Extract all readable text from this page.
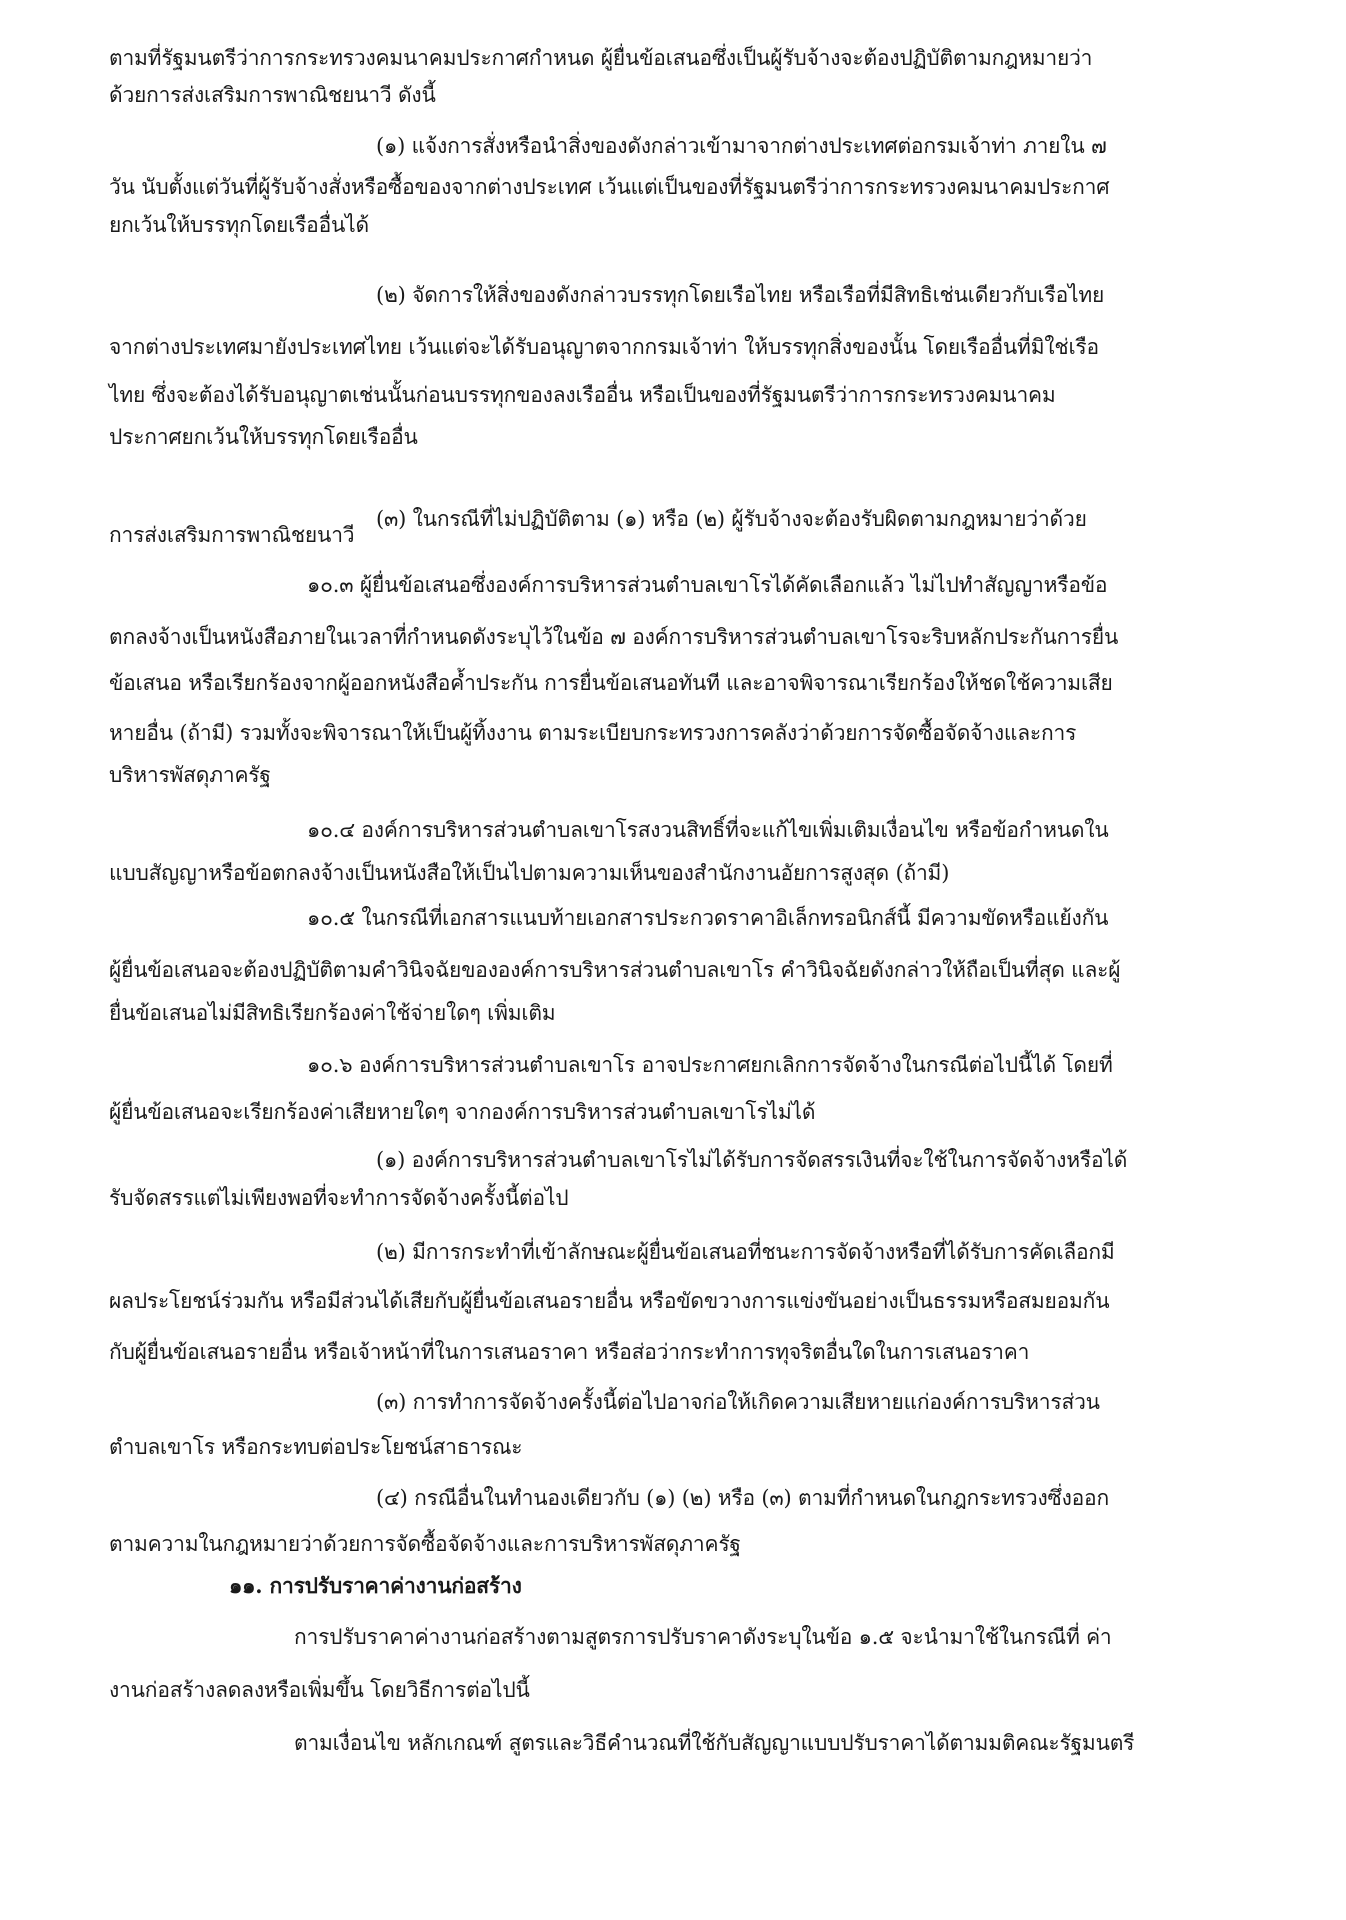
ตามที่รัฐมนตรีว่าการกระทรวงคมนาคมประกาศกำหนด ผู้ยื่นข้อเสนอซึ่งเป็นผู้รับจ้างจะต้องปฏิบัติตามกฎหมายว่า
ด้วยการส่งเสริมการพาณิชยนาวี ดังนี้
(๑) แจ้งการสั่งหรือนำสิ่งของดังกล่าวเข้ามาจากต่างประเทศต่อกรมเจ้าท่า ภายใน ๗
วัน นับตั้งแต่วันที่ผู้รับจ้างสั่งหรือซื้อของจากต่างประเทศ เว้นแต่เป็นของที่รัฐมนตรีว่าการกระทรวงคมนาคมประกาศ
ยกเว้นให้บรรทุกโดยเรืออื่นได้
(๒) จัดการให้สิ่งของดังกล่าวบรรทุกโดยเรือไทย หรือเรือที่มีสิทธิเช่นเดียวกับเรือไทย
จากต่างประเทศมายังประเทศไทย เว้นแต่จะได้รับอนุญาตจากกรมเจ้าท่า ให้บรรทุกสิ่งของนั้น โดยเรืออื่นที่มิใช่เรือ
ไทย ซึ่งจะต้องได้รับอนุญาตเช่นนั้นก่อนบรรทุกของลงเรืออื่น หรือเป็นของที่รัฐมนตรีว่าการกระทรวงคมนาคม
ประกาศยกเว้นให้บรรทุกโดยเรืออื่น
(๓) ในกรณีที่ไม่ปฏิบัติตาม (๑) หรือ (๒) ผู้รับจ้างจะต้องรับผิดตามกฎหมายว่าด้วย
การส่งเสริมการพาณิชยนาวี
๑๐.๓ ผู้ยื่นข้อเสนอซึ่งองค์การบริหารส่วนตำบลเขาโรได้คัดเลือกแล้ว ไม่ไปทำสัญญาหรือข้อ
ตกลงจ้างเป็นหนังสือภายในเวลาที่กำหนดดังระบุไว้ในข้อ ๗ องค์การบริหารส่วนตำบลเขาโรจะริบหลักประกันการยื่น
ข้อเสนอ หรือเรียกร้องจากผู้ออกหนังสือค้ำประกัน การยื่นข้อเสนอทันที และอาจพิจารณาเรียกร้องให้ชดใช้ความเสีย
หายอื่น (ถ้ามี) รวมทั้งจะพิจารณาให้เป็นผู้ทิ้งงาน ตามระเบียบกระทรวงการคลังว่าด้วยการจัดซื้อจัดจ้างและการ
บริหารพัสดุภาครัฐ
๑๐.๔ องค์การบริหารส่วนตำบลเขาโรสงวนสิทธิ์ที่จะแก้ไขเพิ่มเติมเงื่อนไข หรือข้อกำหนดใน
แบบสัญญาหรือข้อตกลงจ้างเป็นหนังสือให้เป็นไปตามความเห็นของสำนักงานอัยการสูงสุด (ถ้ามี)
๑๐.๕ ในกรณีที่เอกสารแนบท้ายเอกสารประกวดราคาอิเล็กทรอนิกส์นี้ มีความขัดหรือแย้งกัน
ผู้ยื่นข้อเสนอจะต้องปฏิบัติตามคำวินิจฉัยขององค์การบริหารส่วนตำบลเขาโร คำวินิจฉัยดังกล่าวให้ถือเป็นที่สุด และผู้
ยื่นข้อเสนอไม่มีสิทธิเรียกร้องค่าใช้จ่ายใดๆ เพิ่มเติม
๑๐.๖ องค์การบริหารส่วนตำบลเขาโร อาจประกาศยกเลิกการจัดจ้างในกรณีต่อไปนี้ได้ โดยที่
ผู้ยื่นข้อเสนอจะเรียกร้องค่าเสียหายใดๆ จากองค์การบริหารส่วนตำบลเขาโรไม่ได้
(๑) องค์การบริหารส่วนตำบลเขาโรไม่ได้รับการจัดสรรเงินที่จะใช้ในการจัดจ้างหรือได้
รับจัดสรรแต่ไม่เพียงพอที่จะทำการจัดจ้างครั้งนี้ต่อไป
(๒) มีการกระทำที่เข้าลักษณะผู้ยื่นข้อเสนอที่ชนะการจัดจ้างหรือที่ได้รับการคัดเลือกมี
ผลประโยชน์ร่วมกัน หรือมีส่วนได้เสียกับผู้ยื่นข้อเสนอรายอื่น หรือขัดขวางการแข่งขันอย่างเป็นธรรมหรือสมยอมกัน
กับผู้ยื่นข้อเสนอรายอื่น หรือเจ้าหน้าที่ในการเสนอราคา หรือส่อว่ากระทำการทุจริตอื่นใดในการเสนอราคา
(๓) การทำการจัดจ้างครั้งนี้ต่อไปอาจก่อให้เกิดความเสียหายแก่องค์การบริหารส่วน
ตำบลเขาโร หรือกระทบต่อประโยชน์สาธารณะ
(๔) กรณีอื่นในทำนองเดียวกับ (๑) (๒) หรือ (๓) ตามที่กำหนดในกฎกระทรวงซึ่งออก
ตามความในกฎหมายว่าด้วยการจัดซื้อจัดจ้างและการบริหารพัสดุภาครัฐ
๑๑. การปรับราคาค่างานก่อสร้าง
การปรับราคาค่างานก่อสร้างตามสูตรการปรับราคาดังระบุในข้อ ๑.๕ จะนำมาใช้ในกรณีที่ ค่า
งานก่อสร้างลดลงหรือเพิ่มขึ้น โดยวิธีการต่อไปนี้
ตามเงื่อนไข หลักเกณฑ์ สูตรและวิธีคำนวณที่ใช้กับสัญญาแบบปรับราคาได้ตามมติคณะรัฐมนตรี
